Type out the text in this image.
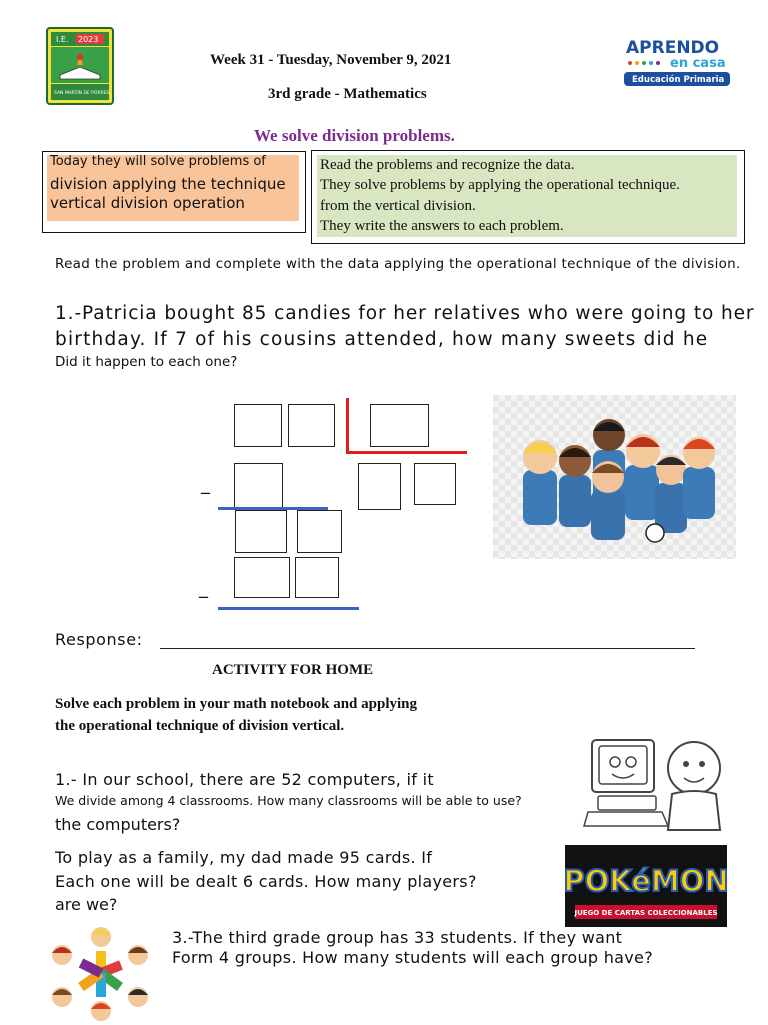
I.E. 2023
SAN MARTIN DE PORRES
Week 31 - Tuesday, November 9, 2021
3rd grade - Mathematics
APRENDO
en casa
Educación Primaria
We solve division problems.
Today they will solve problems of
division applying the technique
vertical division operation
Read the problems and recognize the data.
They solve problems by applying the operational technique.
from the vertical division.
They write the answers to each problem.
Read the problem and complete with the data applying the operational technique of the division.
1.-Patricia bought 85 candies for her relatives who were going to her
birthday. If 7 of his cousins attended, how many sweets did he
Did it happen to each one?
_
_
Response:
ACTIVITY FOR HOME
Solve each problem in your math notebook and applying the operational technique of division vertical.
1.- In our school, there are 52 computers, if it
We divide among 4 classrooms. How many classrooms will be able to use?
the computers?
To play as a family, my dad made 95 cards. If
Each one will be dealt 6 cards. How many players?
are we?
POKéMON
JUEGO DE CARTAS COLECCIONABLES
3.-The third grade group has 33 students. If they want
Form 4 groups. How many students will each group have?
